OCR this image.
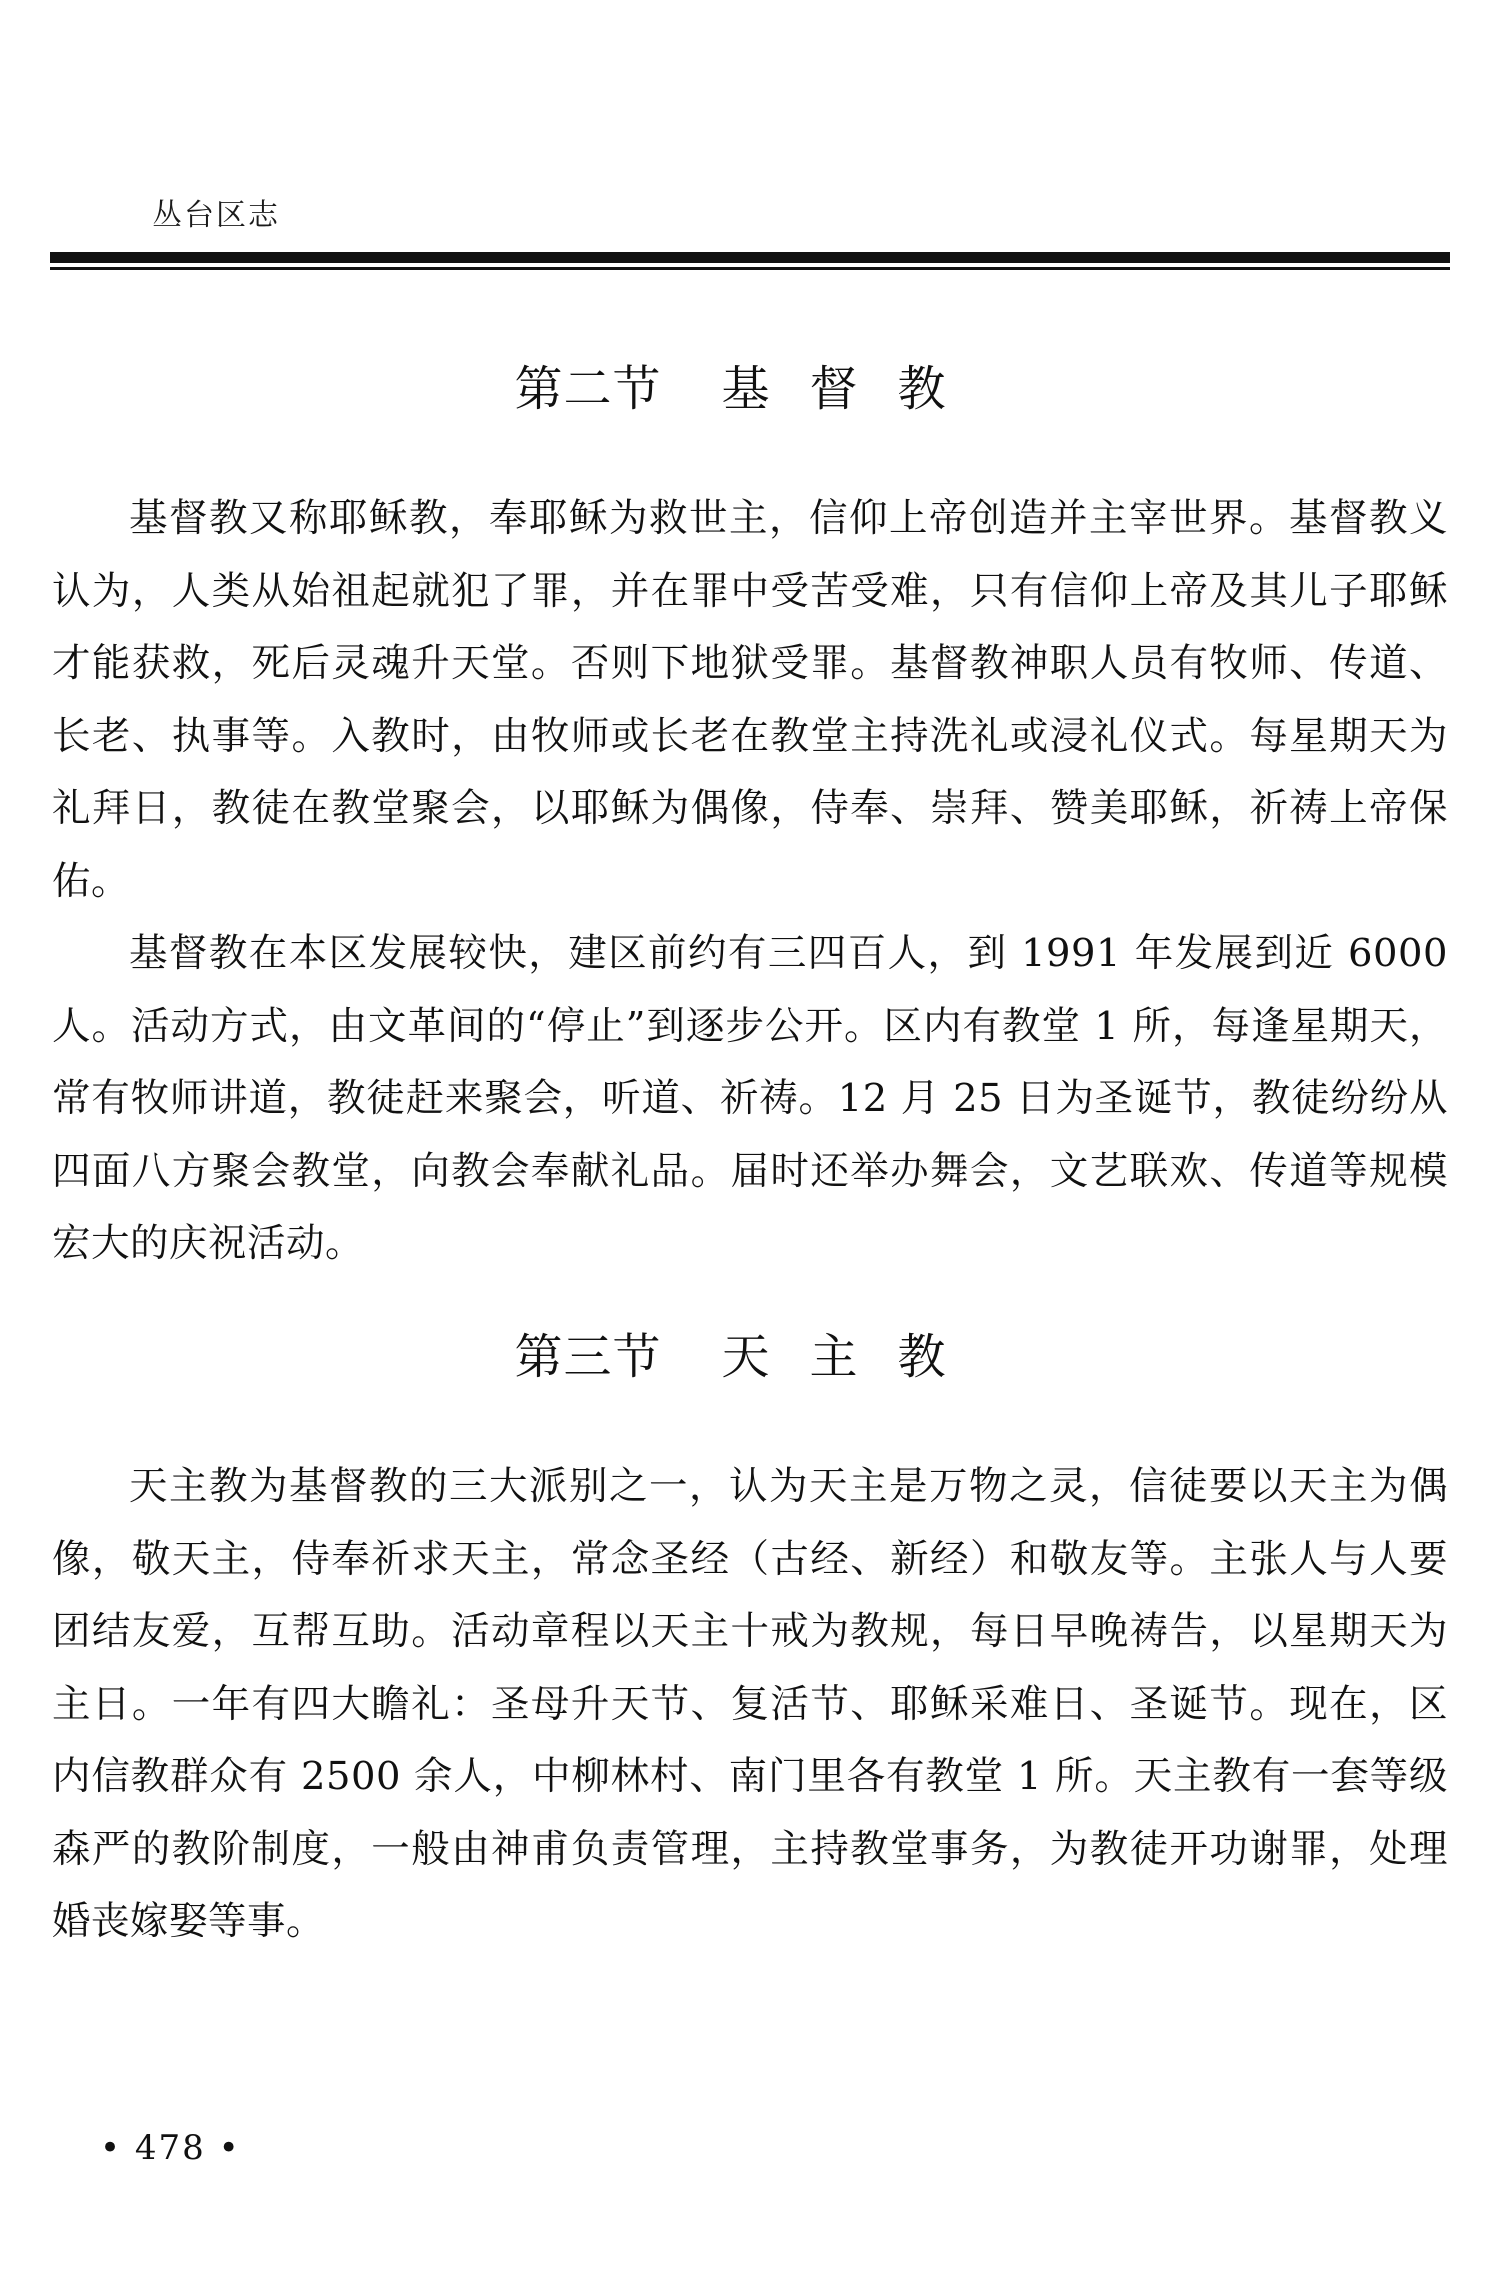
丛台区志
第二节 基督教

基督教又称耶稣教，奉耶稣为救世主，信仰上帝创造并主宰世界。基督教义认为，人类从始祖起就犯了罪，并在罪中受苦受难，只有信仰上帝及其儿子耶稣才能获救，死后灵魂升天堂。否则下地狱受罪。基督教神职人员有牧师、传道、长老、执事等。入教时，由牧师或长老在教堂主持洗礼或浸礼仪式。每星期天为礼拜日，教徒在教堂聚会，以耶稣为偶像，侍奉、崇拜、赞美耶稣，祈祷上帝保佑。

基督教在本区发展较快，建区前约有三四百人，到 1991 年发展到近 6000 人。活动方式，由文革间的“停止”到逐步公开。区内有教堂 1 所，每逢星期天，常有牧师讲道，教徒赶来聚会，听道、祈祷。12 月 25 日为圣诞节，教徒纷纷从四面八方聚会教堂，向教会奉献礼品。届时还举办舞会，文艺联欢、传道等规模宏大的庆祝活动。

第三节 天主教

天主教为基督教的三大派别之一，认为天主是万物之灵，信徒要以天主为偶像，敬天主，侍奉祈求天主，常念圣经（古经、新经）和敬友等。主张人与人要团结友爱，互帮互助。活动章程以天主十戒为教规，每日早晚祷告，以星期天为主日。一年有四大瞻礼：圣母升天节、复活节、耶稣采难日、圣诞节。现在，区内信教群众有 2500 余人，中柳林村、南门里各有教堂 1 所。天主教有一套等级森严的教阶制度，一般由神甫负责管理，主持教堂事务，为教徒开功谢罪，处理婚丧嫁娶等事。

• 478 •
